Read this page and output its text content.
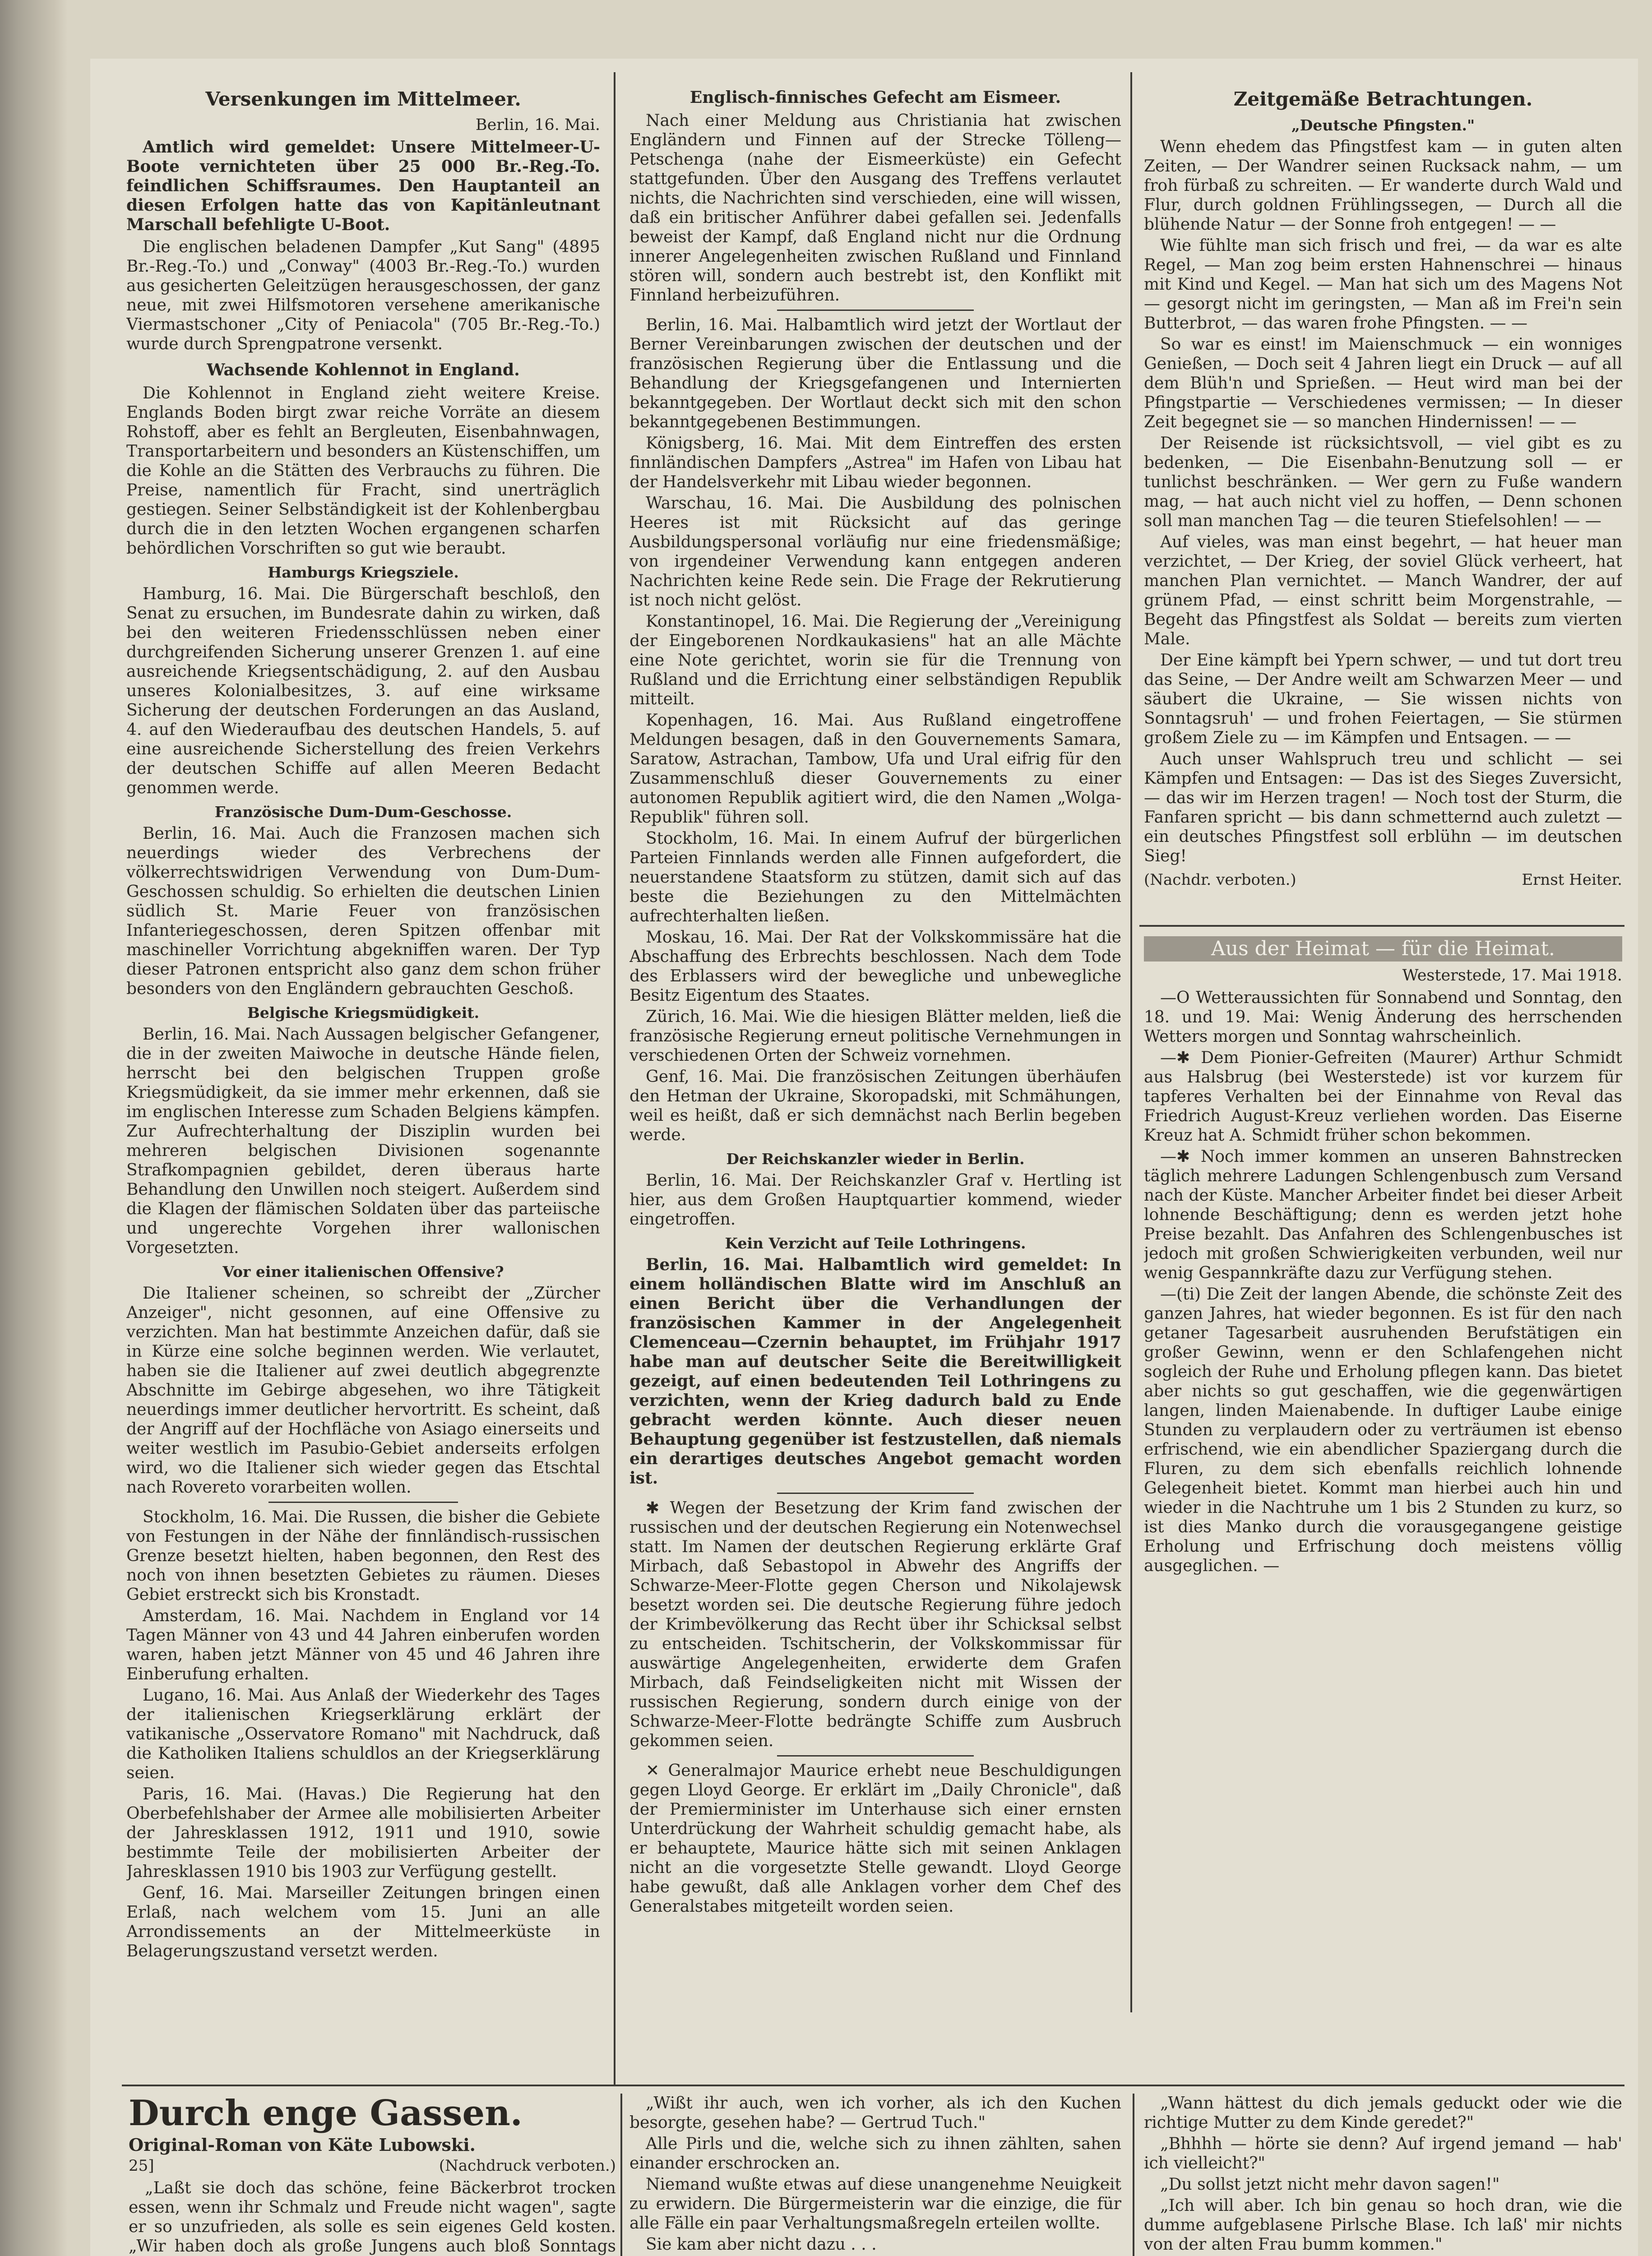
Versenkungen im Mittelmeer.
Berlin, 16. Mai.

Amtlich wird gemeldet: Unsere Mittelmeer-U-Boote vernichteten über 25 000 Br.-Reg.-To. feindlichen Schiffsraumes. Den Hauptanteil an diesen Erfolgen hatte das von Kapitänleutnant Marschall befehligte U-Boot.

Die englischen beladenen Dampfer „Kut Sang" (4895 Br.-Reg.-To.) und „Conway" (4003 Br.-Reg.-To.) wurden aus gesicherten Geleitzügen herausgeschossen, der ganz neue, mit zwei Hilfsmotoren versehene amerikanische Viermastschoner „City of Peniacola" (705 Br.-Reg.-To.) wurde durch Sprengpatrone versenkt.

Wachsende Kohlennot in England.

Die Kohlennot in England zieht weitere Kreise. Englands Boden birgt zwar reiche Vorräte an diesem Rohstoff, aber es fehlt an Bergleuten, Eisenbahnwagen, Transportarbeitern und besonders an Küstenschiffen, um die Kohle an die Stätten des Verbrauchs zu führen. Die Preise, namentlich für Fracht, sind unerträglich gestiegen. Seiner Selbständigkeit ist der Kohlenbergbau durch die in den letzten Wochen ergangenen scharfen behördlichen Vorschriften so gut wie beraubt.

Hamburgs Kriegsziele.

Hamburg, 16. Mai. Die Bürgerschaft beschloß, den Senat zu ersuchen, im Bundesrate dahin zu wirken, daß bei den weiteren Friedensschlüssen neben einer durchgreifenden Sicherung unserer Grenzen 1. auf eine ausreichende Kriegsentschädigung, 2. auf den Ausbau unseres Kolonialbesitzes, 3. auf eine wirksame Sicherung der deutschen Forderungen an das Ausland, 4. auf den Wiederaufbau des deutschen Handels, 5. auf eine ausreichende Sicherstellung des freien Verkehrs der deutschen Schiffe auf allen Meeren Bedacht genommen werde.

Französische Dum-Dum-Geschosse.

Berlin, 16. Mai. Auch die Franzosen machen sich neuerdings wieder des Verbrechens der völkerrechtswidrigen Verwendung von Dum-Dum-Geschossen schuldig. So erhielten die deutschen Linien südlich St. Marie Feuer von französischen Infanteriegeschossen, deren Spitzen offenbar mit maschineller Vorrichtung abgekniffen waren. Der Typ dieser Patronen entspricht also ganz dem schon früher besonders von den Engländern gebrauchten Geschoß.

Belgische Kriegsmüdigkeit.

Berlin, 16. Mai. Nach Aussagen belgischer Gefangener, die in der zweiten Maiwoche in deutsche Hände fielen, herrscht bei den belgischen Truppen große Kriegsmüdigkeit, da sie immer mehr erkennen, daß sie im englischen Interesse zum Schaden Belgiens kämpfen. Zur Aufrechterhaltung der Disziplin wurden bei mehreren belgischen Divisionen sogenannte Strafkompagnien gebildet, deren überaus harte Behandlung den Unwillen noch steigert. Außerdem sind die Klagen der flämischen Soldaten über das parteiische und ungerechte Vorgehen ihrer wallonischen Vorgesetzten.

Vor einer italienischen Offensive?

Die Italiener scheinen, so schreibt der „Zürcher Anzeiger", nicht gesonnen, auf eine Offensive zu verzichten. Man hat bestimmte Anzeichen dafür, daß sie in Kürze eine solche beginnen werden. Wie verlautet, haben sie die Italiener auf zwei deutlich abgegrenzte Abschnitte im Gebirge abgesehen, wo ihre Tätigkeit neuerdings immer deutlicher hervortritt. Es scheint, daß der Angriff auf der Hochfläche von Asiago einerseits und weiter westlich im Pasubio-Gebiet anderseits erfolgen wird, wo die Italiener sich wieder gegen das Etschtal nach Rovereto vorarbeiten wollen.

Stockholm, 16. Mai. Die Russen, die bisher die Gebiete von Festungen in der Nähe der finnländisch-russischen Grenze besetzt hielten, haben begonnen, den Rest des noch von ihnen besetzten Gebietes zu räumen. Dieses Gebiet erstreckt sich bis Kronstadt.

Amsterdam, 16. Mai. Nachdem in England vor 14 Tagen Männer von 43 und 44 Jahren einberufen worden waren, haben jetzt Männer von 45 und 46 Jahren ihre Einberufung erhalten.

Lugano, 16. Mai. Aus Anlaß der Wiederkehr des Tages der italienischen Kriegserklärung erklärt der vatikanische „Osservatore Romano" mit Nachdruck, daß die Katholiken Italiens schuldlos an der Kriegserklärung seien.

Paris, 16. Mai. (Havas.) Die Regierung hat den Oberbefehlshaber der Armee alle mobilisierten Arbeiter der Jahresklassen 1912, 1911 und 1910, sowie bestimmte Teile der mobilisierten Arbeiter der Jahresklassen 1910 bis 1903 zur Verfügung gestellt.

Genf, 16. Mai. Marseiller Zeitungen bringen einen Erlaß, nach welchem vom 15. Juni an alle Arrondissements an der Mittelmeerküste in Belagerungszustand versetzt werden.

Englisch-finnisches Gefecht am Eismeer.

Nach einer Meldung aus Christiania hat zwischen Engländern und Finnen auf der Strecke Tölleng—Petschenga (nahe der Eismeerküste) ein Gefecht stattgefunden. Über den Ausgang des Treffens verlautet nichts, die Nachrichten sind verschieden, eine will wissen, daß ein britischer Anführer dabei gefallen sei. Jedenfalls beweist der Kampf, daß England nicht nur die Ordnung innerer Angelegenheiten zwischen Rußland und Finnland stören will, sondern auch bestrebt ist, den Konflikt mit Finnland herbeizuführen.

Berlin, 16. Mai. Halbamtlich wird jetzt der Wortlaut der Berner Vereinbarungen zwischen der deutschen und der französischen Regierung über die Entlassung und die Behandlung der Kriegsgefangenen und Internierten bekanntgegeben. Der Wortlaut deckt sich mit den schon bekanntgegebenen Bestimmungen.

Königsberg, 16. Mai. Mit dem Eintreffen des ersten finnländischen Dampfers „Astrea" im Hafen von Libau hat der Handelsverkehr mit Libau wieder begonnen.

Warschau, 16. Mai. Die Ausbildung des polnischen Heeres ist mit Rücksicht auf das geringe Ausbildungspersonal vorläufig nur eine friedensmäßige; von irgendeiner Verwendung kann entgegen anderen Nachrichten keine Rede sein. Die Frage der Rekrutierung ist noch nicht gelöst.

Konstantinopel, 16. Mai. Die Regierung der „Vereinigung der Eingeborenen Nordkaukasiens" hat an alle Mächte eine Note gerichtet, worin sie für die Trennung von Rußland und die Errichtung einer selbständigen Republik mitteilt.

Kopenhagen, 16. Mai. Aus Rußland eingetroffene Meldungen besagen, daß in den Gouvernements Samara, Saratow, Astrachan, Tambow, Ufa und Ural eifrig für den Zusammenschluß dieser Gouvernements zu einer autonomen Republik agitiert wird, die den Namen „Wolga-Republik" führen soll.

Stockholm, 16. Mai. In einem Aufruf der bürgerlichen Parteien Finnlands werden alle Finnen aufgefordert, die neuerstandene Staatsform zu stützen, damit sich auf das beste die Beziehungen zu den Mittelmächten aufrechterhalten ließen.

Moskau, 16. Mai. Der Rat der Volkskommissäre hat die Abschaffung des Erbrechts beschlossen. Nach dem Tode des Erblassers wird der bewegliche und unbewegliche Besitz Eigentum des Staates.

Zürich, 16. Mai. Wie die hiesigen Blätter melden, ließ die französische Regierung erneut politische Vernehmungen in verschiedenen Orten der Schweiz vornehmen.

Genf, 16. Mai. Die französischen Zeitungen überhäufen den Hetman der Ukraine, Skoropadski, mit Schmähungen, weil es heißt, daß er sich demnächst nach Berlin begeben werde.

Der Reichskanzler wieder in Berlin.

Berlin, 16. Mai. Der Reichskanzler Graf v. Hertling ist hier, aus dem Großen Hauptquartier kommend, wieder eingetroffen.

Kein Verzicht auf Teile Lothringens.

Berlin, 16. Mai. Halbamtlich wird gemeldet: In einem holländischen Blatte wird im Anschluß an einen Bericht über die Verhandlungen der französischen Kammer in der Angelegenheit Clemenceau—Czernin behauptet, im Frühjahr 1917 habe man auf deutscher Seite die Bereitwilligkeit gezeigt, auf einen bedeutenden Teil Lothringens zu verzichten, wenn der Krieg dadurch bald zu Ende gebracht werden könnte. Auch dieser neuen Behauptung gegenüber ist festzustellen, daß niemals ein derartiges deutsches Angebot gemacht worden ist.

✱ Wegen der Besetzung der Krim fand zwischen der russischen und der deutschen Regierung ein Notenwechsel statt. Im Namen der deutschen Regierung erklärte Graf Mirbach, daß Sebastopol in Abwehr des Angriffs der Schwarze-Meer-Flotte gegen Cherson und Nikolajewsk besetzt worden sei. Die deutsche Regierung führe jedoch der Krimbevölkerung das Recht über ihr Schicksal selbst zu entscheiden. Tschitscherin, der Volkskommissar für auswärtige Angelegenheiten, erwiderte dem Grafen Mirbach, daß Feindseligkeiten nicht mit Wissen der russischen Regierung, sondern durch einige von der Schwarze-Meer-Flotte bedrängte Schiffe zum Ausbruch gekommen seien.

✕ Generalmajor Maurice erhebt neue Beschuldigungen gegen Lloyd George. Er erklärt im „Daily Chronicle", daß der Premierminister im Unterhause sich einer ernsten Unterdrückung der Wahrheit schuldig gemacht habe, als er behauptete, Maurice hätte sich mit seinen Anklagen nicht an die vorgesetzte Stelle gewandt. Lloyd George habe gewußt, daß alle Anklagen vorher dem Chef des Generalstabes mitgeteilt worden seien.

Zeitgemäße Betrachtungen.
„Deutsche Pfingsten."

Wenn ehedem das Pfingstfest kam — in guten alten Zeiten, — Der Wandrer seinen Rucksack nahm, — um froh fürbaß zu schreiten. — Er wanderte durch Wald und Flur, durch goldnen Frühlingssegen, — Durch all die blühende Natur — der Sonne froh entgegen! — —

Wie fühlte man sich frisch und frei, — da war es alte Regel, — Man zog beim ersten Hahnenschrei — hinaus mit Kind und Kegel. — Man hat sich um des Magens Not — gesorgt nicht im geringsten, — Man aß im Frei'n sein Butterbrot, — das waren frohe Pfingsten. — —

So war es einst! im Maienschmuck — ein wonniges Genießen, — Doch seit 4 Jahren liegt ein Druck — auf all dem Blüh'n und Sprießen. — Heut wird man bei der Pfingstpartie — Verschiedenes vermissen; — In dieser Zeit begegnet sie — so manchen Hindernissen! — —

Der Reisende ist rücksichtsvoll, — viel gibt es zu bedenken, — Die Eisenbahn-Benutzung soll — er tunlichst beschränken. — Wer gern zu Fuße wandern mag, — hat auch nicht viel zu hoffen, — Denn schonen soll man manchen Tag — die teuren Stiefelsohlen! — —

Auf vieles, was man einst begehrt, — hat heuer man verzichtet, — Der Krieg, der soviel Glück verheert, hat manchen Plan vernichtet. — Manch Wandrer, der auf grünem Pfad, — einst schritt beim Morgenstrahle, — Begeht das Pfingstfest als Soldat — bereits zum vierten Male.

Der Eine kämpft bei Ypern schwer, — und tut dort treu das Seine, — Der Andre weilt am Schwarzen Meer — und säubert die Ukraine, — Sie wissen nichts von Sonntagsruh' — und frohen Feiertagen, — Sie stürmen großem Ziele zu — im Kämpfen und Entsagen. — —

Auch unser Wahlspruch treu und schlicht — sei Kämpfen und Entsagen: — Das ist des Sieges Zuversicht, — das wir im Herzen tragen! — Noch tost der Sturm, die Fanfaren spricht — bis dann schmetternd auch zuletzt — ein deutsches Pfingstfest soll erblühn — im deutschen Sieg!

(Nachdr. verboten.)	Ernst Heiter.
Aus der Heimat — für die Heimat.
Westerstede, 17. Mai 1918.

—O Wetteraussichten für Sonnabend und Sonntag, den 18. und 19. Mai: Wenig Änderung des herrschenden Wetters morgen und Sonntag wahrscheinlich.

—✱ Dem Pionier-Gefreiten (Maurer) Arthur Schmidt aus Halsbrug (bei Westerstede) ist vor kurzem für tapferes Verhalten bei der Einnahme von Reval das Friedrich August-Kreuz verliehen worden. Das Eiserne Kreuz hat A. Schmidt früher schon bekommen.

—✱ Noch immer kommen an unseren Bahnstrecken täglich mehrere Ladungen Schlengenbusch zum Versand nach der Küste. Mancher Arbeiter findet bei dieser Arbeit lohnende Beschäftigung; denn es werden jetzt hohe Preise bezahlt. Das Anfahren des Schlengenbusches ist jedoch mit großen Schwierigkeiten verbunden, weil nur wenig Gespannkräfte dazu zur Verfügung stehen.

—(ti) Die Zeit der langen Abende, die schönste Zeit des ganzen Jahres, hat wieder begonnen. Es ist für den nach getaner Tagesarbeit ausruhenden Berufstätigen ein großer Gewinn, wenn er den Schlafengehen nicht sogleich der Ruhe und Erholung pflegen kann. Das bietet aber nichts so gut geschaffen, wie die gegenwärtigen langen, linden Maienabende. In duftiger Laube einige Stunden zu verplaudern oder zu verträumen ist ebenso erfrischend, wie ein abendlicher Spaziergang durch die Fluren, zu dem sich ebenfalls reichlich lohnende Gelegenheit bietet. Kommt man hierbei auch hin und wieder in die Nachtruhe um 1 bis 2 Stunden zu kurz, so ist dies Manko durch die vorausgegangene geistige Erholung und Erfrischung doch meistens völlig ausgeglichen. —

Durch enge Gassen.
Original-Roman von Käte Lubowski.
25]	(Nachdruck verboten.)

„Laßt sie doch das schöne, feine Bäckerbrot trocken essen, wenn ihr Schmalz und Freude nicht wagen", sagte er so unzufrieden, als solle es sein eigenes Geld kosten. „Wir haben doch als große Jungens auch bloß Sonntags

„Wißt ihr auch, wen ich vorher, als ich den Kuchen besorgte, gesehen habe? — Gertrud Tuch."

Alle Pirls und die, welche sich zu ihnen zählten, sahen einander erschrocken an.

Niemand wußte etwas auf diese unangenehme Neuigkeit zu erwidern. Die Bürgermeisterin war die einzige, die für alle Fälle ein paar Verhaltungsmaßregeln erteilen wollte.

Sie kam aber nicht dazu . . .

„Wann hättest du dich jemals geduckt oder wie die richtige Mutter zu dem Kinde geredet?"

„Bhhhh — hörte sie denn? Auf irgend jemand — hab' ich vielleicht?"

„Du sollst jetzt nicht mehr davon sagen!"

„Ich will aber. Ich bin genau so hoch dran, wie die dumme aufgeblasene Pirlsche Blase. Ich laß' mir nichts von der alten Frau bumm kommen."
